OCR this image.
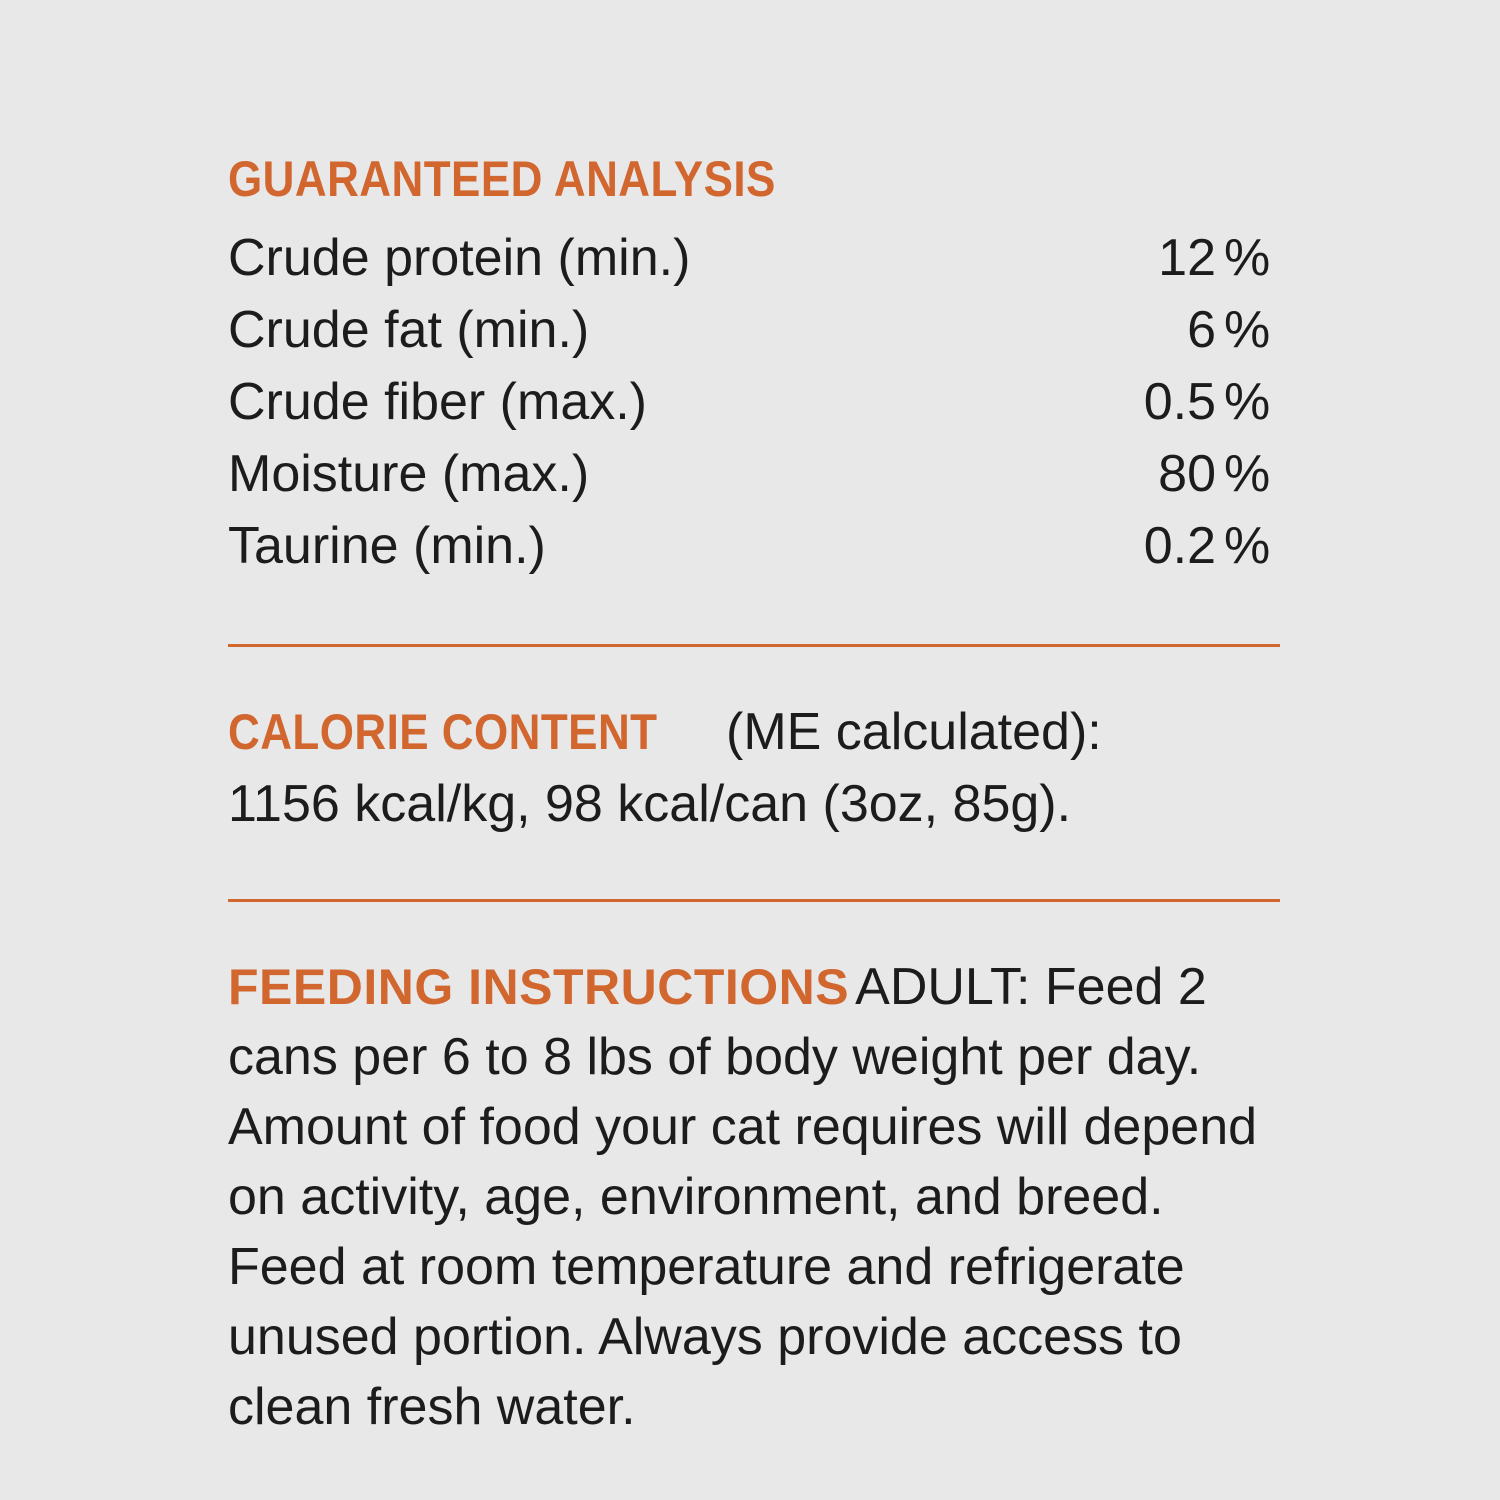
GUARANTEED ANALYSIS
Crude protein (min.)	12	%
Crude fat (min.)	6	%
Crude fiber (max.)	0.5	%
Moisture (max.)	80	%
Taurine (min.)	0.2	%
CALORIE CONTENT (ME calculated):
1156 kcal/kg, 98 kcal/can (3oz, 85g).
FEEDING INSTRUCTIONS ADULT: Feed 2 cans per 6 to 8 lbs of body weight per day. Amount of food your cat requires will depend on activity, age, environment, and breed. Feed at room temperature and refrigerate unused portion. Always provide access to clean fresh water.
